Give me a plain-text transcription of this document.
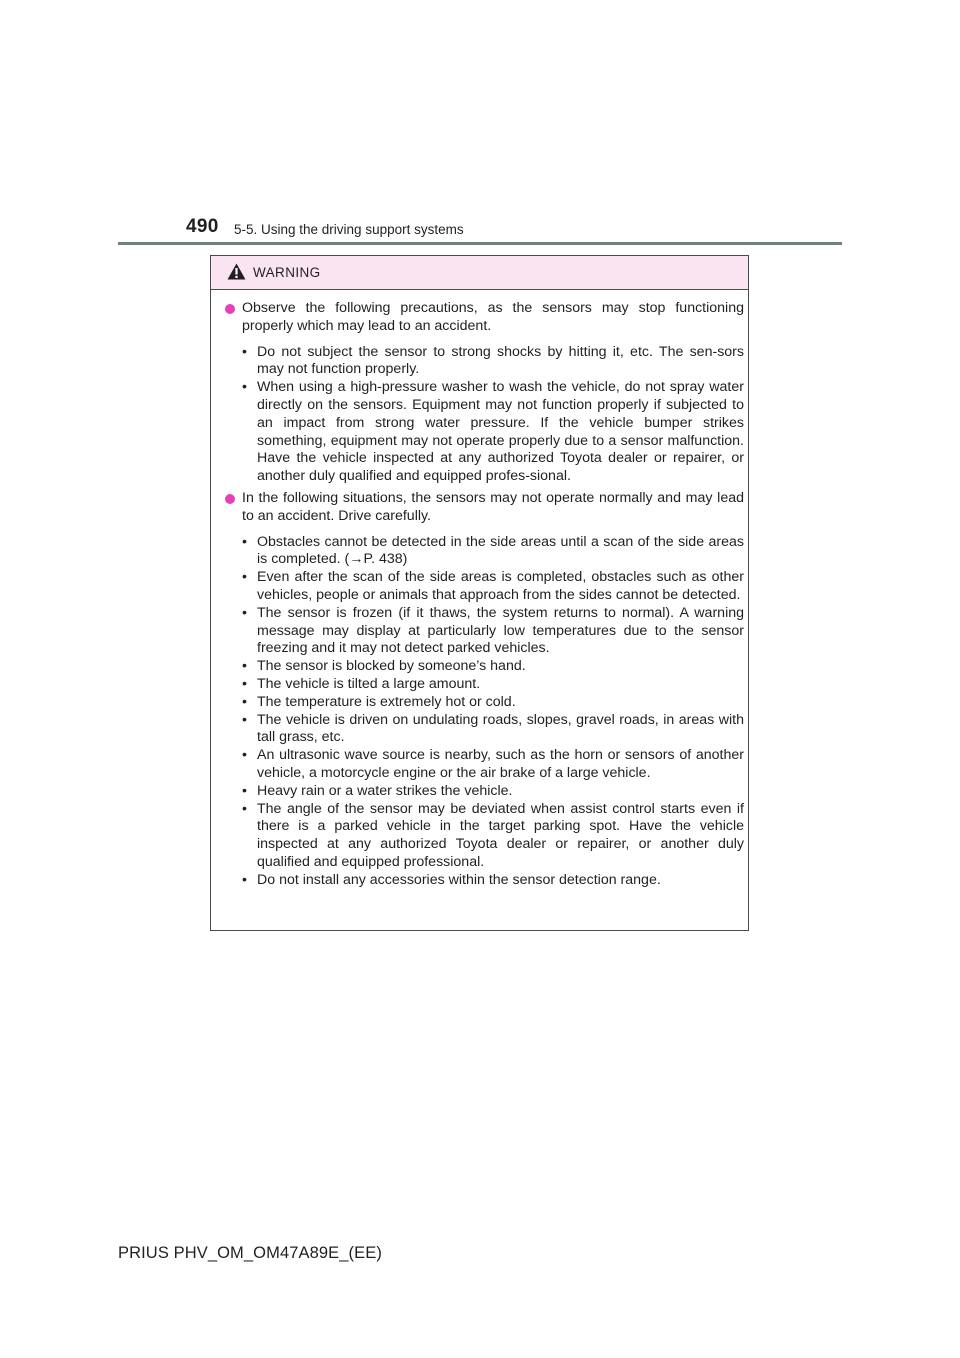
490 5-5. Using the driving support systems
WARNING
Observe the following precautions, as the sensors may stop functioning properly which may lead to an accident.
• Do not subject the sensor to strong shocks by hitting it, etc. The sen-sors may not function properly.
• When using a high-pressure washer to wash the vehicle, do not spray water directly on the sensors. Equipment may not function properly if subjected to an impact from strong water pressure. If the vehicle bumper strikes something, equipment may not operate properly due to a sensor malfunction. Have the vehicle inspected at any authorized Toyota dealer or repairer, or another duly qualified and equipped profes-sional.
In the following situations, the sensors may not operate normally and may lead to an accident. Drive carefully.
• Obstacles cannot be detected in the side areas until a scan of the side areas is completed. (→P. 438)
• Even after the scan of the side areas is completed, obstacles such as other vehicles, people or animals that approach from the sides cannot be detected.
• The sensor is frozen (if it thaws, the system returns to normal). A warning message may display at particularly low temperatures due to the sensor freezing and it may not detect parked vehicles.
• The sensor is blocked by someone’s hand.
• The vehicle is tilted a large amount.
• The temperature is extremely hot or cold.
• The vehicle is driven on undulating roads, slopes, gravel roads, in areas with tall grass, etc.
• An ultrasonic wave source is nearby, such as the horn or sensors of another vehicle, a motorcycle engine or the air brake of a large vehicle.
• Heavy rain or a water strikes the vehicle.
• The angle of the sensor may be deviated when assist control starts even if there is a parked vehicle in the target parking spot. Have the vehicle inspected at any authorized Toyota dealer or repairer, or another duly qualified and equipped professional.
• Do not install any accessories within the sensor detection range.
PRIUS PHV_OM_OM47A89E_(EE)
